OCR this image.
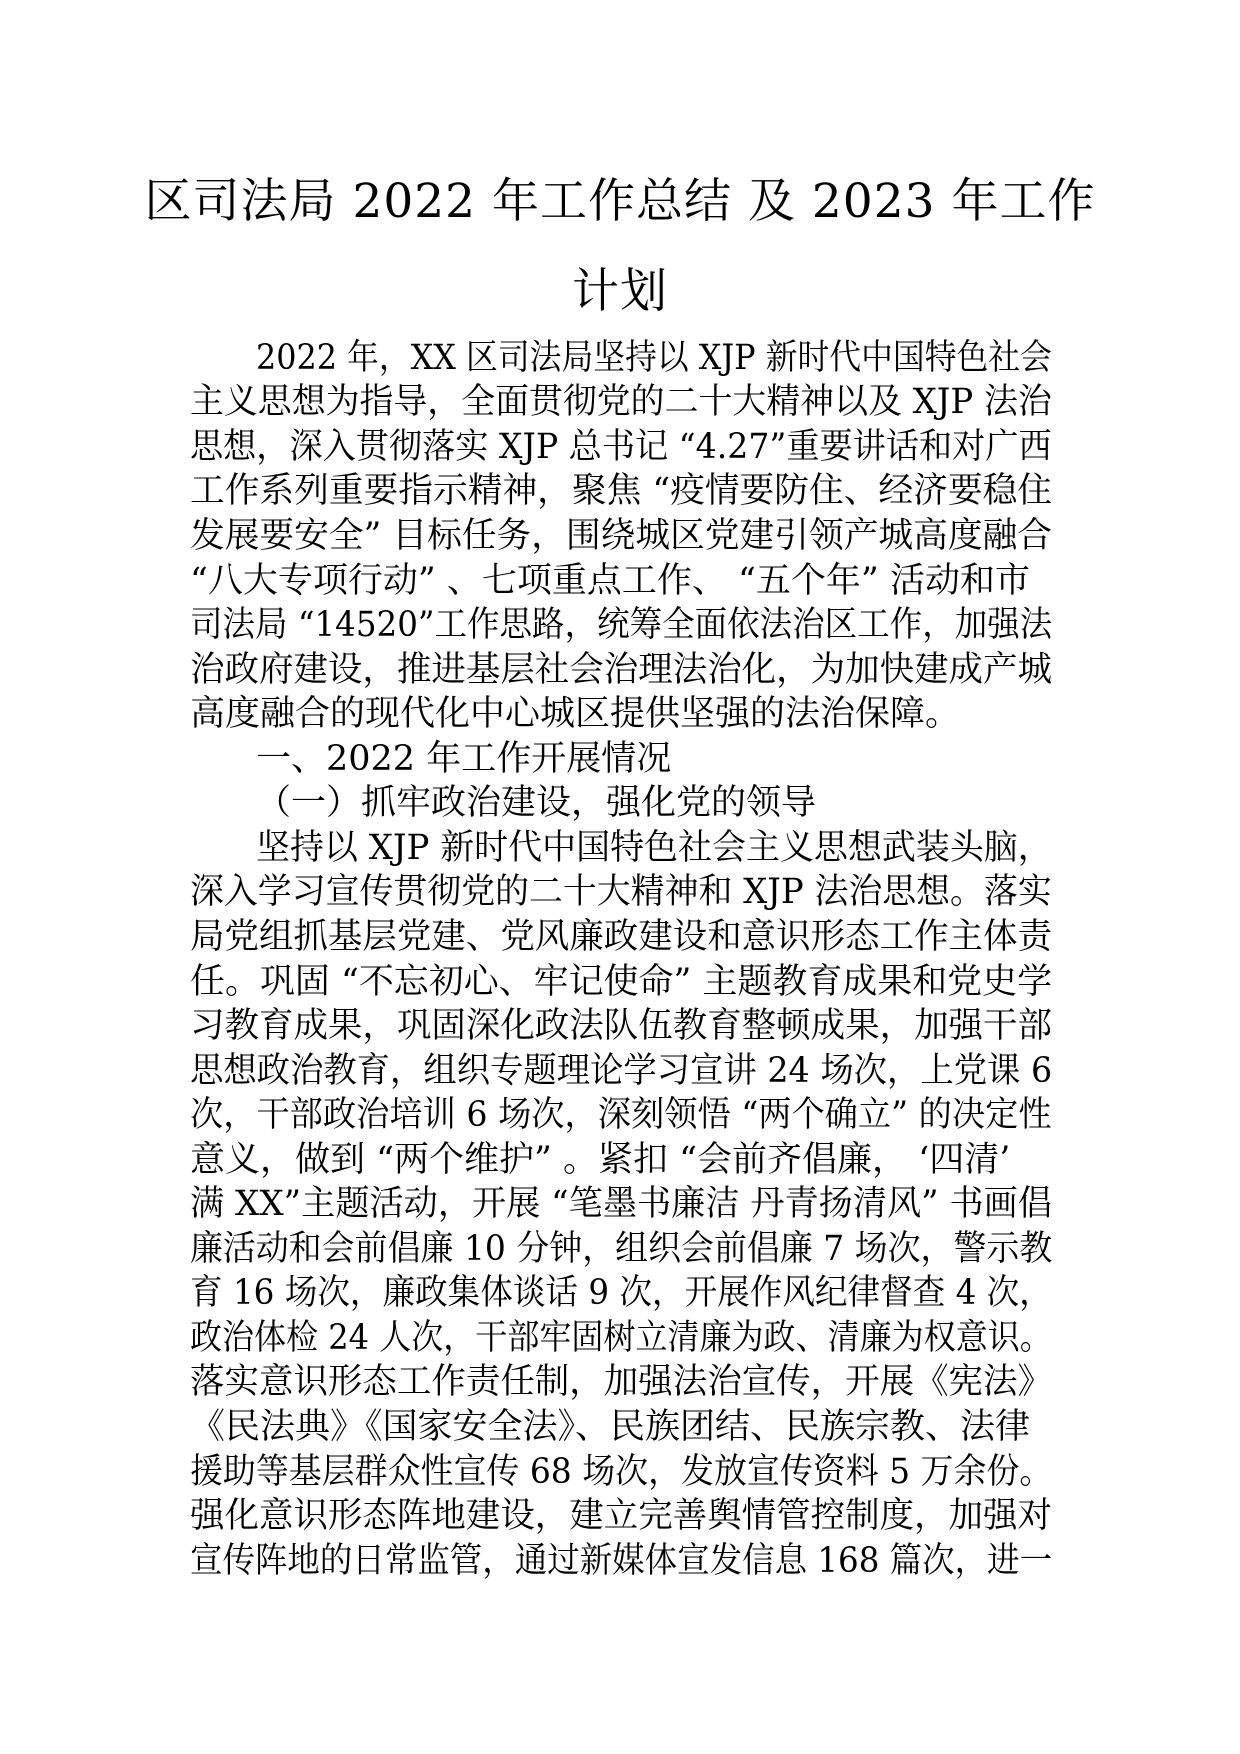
区司法局 2022 年工作总结 及 2023 年工作
计划
2022 年，XX 区司法局坚持以 XJP 新时代中国特色社会
主义思想为指导，全面贯彻党的二十大精神以及 XJP 法治
思想，深入贯彻落实 XJP 总书记 “4.27”重要讲话和对广西
工作系列重要指示精神，聚焦 “疫情要防住、经济要稳住
发展要安全” 目标任务，围绕城区党建引领产城高度融合
“八大专项行动” 、七项重点工作、 “五个年” 活动和市
司法局 “14520”工作思路，统筹全面依法治区工作，加强法
治政府建设，推进基层社会治理法治化，为加快建成产城
高度融合的现代化中心城区提供坚强的法治保障。
一、2022 年工作开展情况
（一）抓牢政治建设，强化党的领导
坚持以 XJP 新时代中国特色社会主义思想武装头脑，
深入学习宣传贯彻党的二十大精神和 XJP 法治思想。落实
局党组抓基层党建、党风廉政建设和意识形态工作主体责
任。巩固 “不忘初心、牢记使命” 主题教育成果和党史学
习教育成果，巩固深化政法队伍教育整顿成果，加强干部
思想政治教育，组织专题理论学习宣讲 24 场次，上党课 6
次，干部政治培训 6 场次，深刻领悟 “两个确立” 的决定性
意义，做到 “两个维护” 。紧扣 “会前齐倡廉， ‘四清’
满 XX”主题活动，开展 “笔墨书廉洁 丹青扬清风” 书画倡
廉活动和会前倡廉 10 分钟，组织会前倡廉 7 场次，警示教
育 16 场次，廉政集体谈话 9 次，开展作风纪律督查 4 次，
政治体检 24 人次，干部牢固树立清廉为政、清廉为权意识。
落实意识形态工作责任制，加强法治宣传，开展《宪法》
《民法典》《国家安全法》、民族团结、民族宗教、法律
援助等基层群众性宣传 68 场次，发放宣传资料 5 万余份。
强化意识形态阵地建设，建立完善舆情管控制度，加强对
宣传阵地的日常监管，通过新媒体宣发信息 168 篇次，进一
